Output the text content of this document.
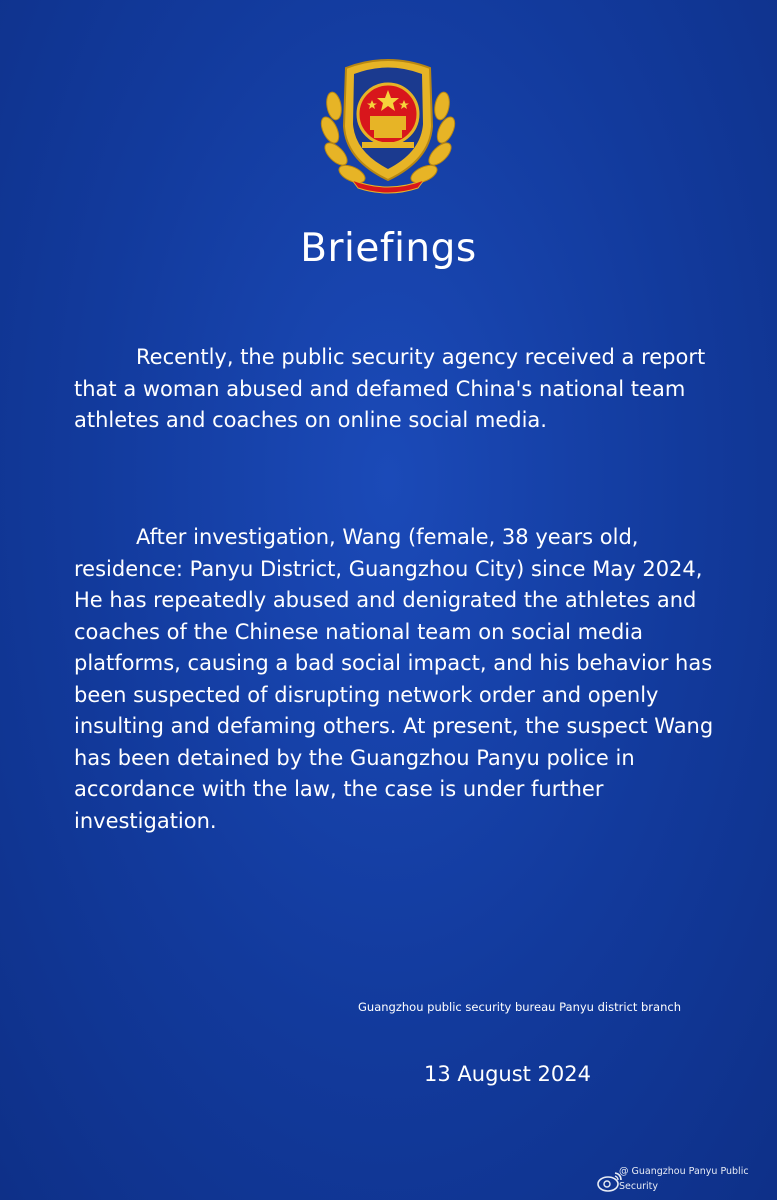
Briefings

Recently, the public security agency received a report that a woman abused and defamed China's national team athletes and coaches on online social media.

After investigation, Wang (female, 38 years old, residence: Panyu District, Guangzhou City) since May 2024, He has repeatedly abused and denigrated the athletes and coaches of the Chinese national team on social media platforms, causing a bad social impact, and his behavior has been suspected of disrupting network order and openly insulting and defaming others. At present, the suspect Wang has been detained by the Guangzhou Panyu police in accordance with the law, the case is under further investigation.

Guangzhou public security bureau Panyu district branch
13 August 2024
@ Guangzhou Panyu Public Security
